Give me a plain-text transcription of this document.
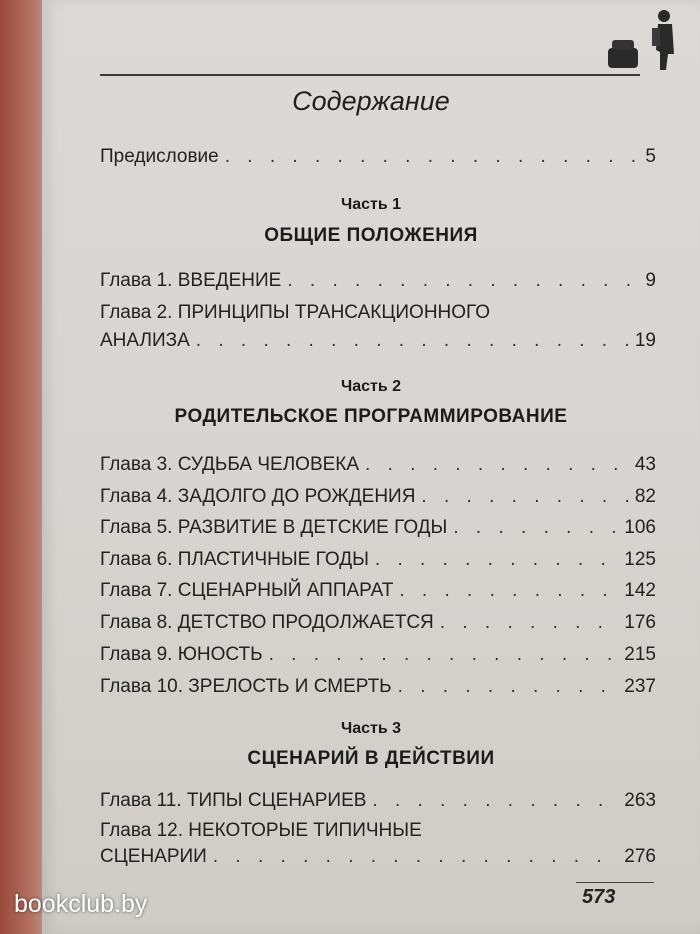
Содержание
Предисловие . . .	5
Часть 1
ОБЩИЕ ПОЛОЖЕНИЯ
Глава 1. ВВЕДЕНИЕ . . .	9
Глава 2. ПРИНЦИПЫ ТРАНСАКЦИОННОГО
АНАЛИЗА . . .	19
Часть 2
РОДИТЕЛЬСКОЕ ПРОГРАММИРОВАНИЕ
Глава 3. СУДЬБА ЧЕЛОВЕКА . . .	43
Глава 4. ЗАДОЛГО ДО РОЖДЕНИЯ . . .	82
Глава 5. РАЗВИТИЕ В ДЕТСКИЕ ГОДЫ . . .	106
Глава 6. ПЛАСТИЧНЫЕ ГОДЫ . . .	125
Глава 7. СЦЕНАРНЫЙ АППАРАТ . . .	142
Глава 8. ДЕТСТВО ПРОДОЛЖАЕТСЯ . . .	176
Глава 9. ЮНОСТЬ . . .	215
Глава 10. ЗРЕЛОСТЬ И СМЕРТЬ . . .	237
Часть 3
СЦЕНАРИЙ В ДЕЙСТВИИ
Глава 11. ТИПЫ СЦЕНАРИЕВ . . .	263
Глава 12. НЕКОТОРЫЕ ТИПИЧНЫЕ
СЦЕНАРИИ . . .	276
573
bookclub.by
